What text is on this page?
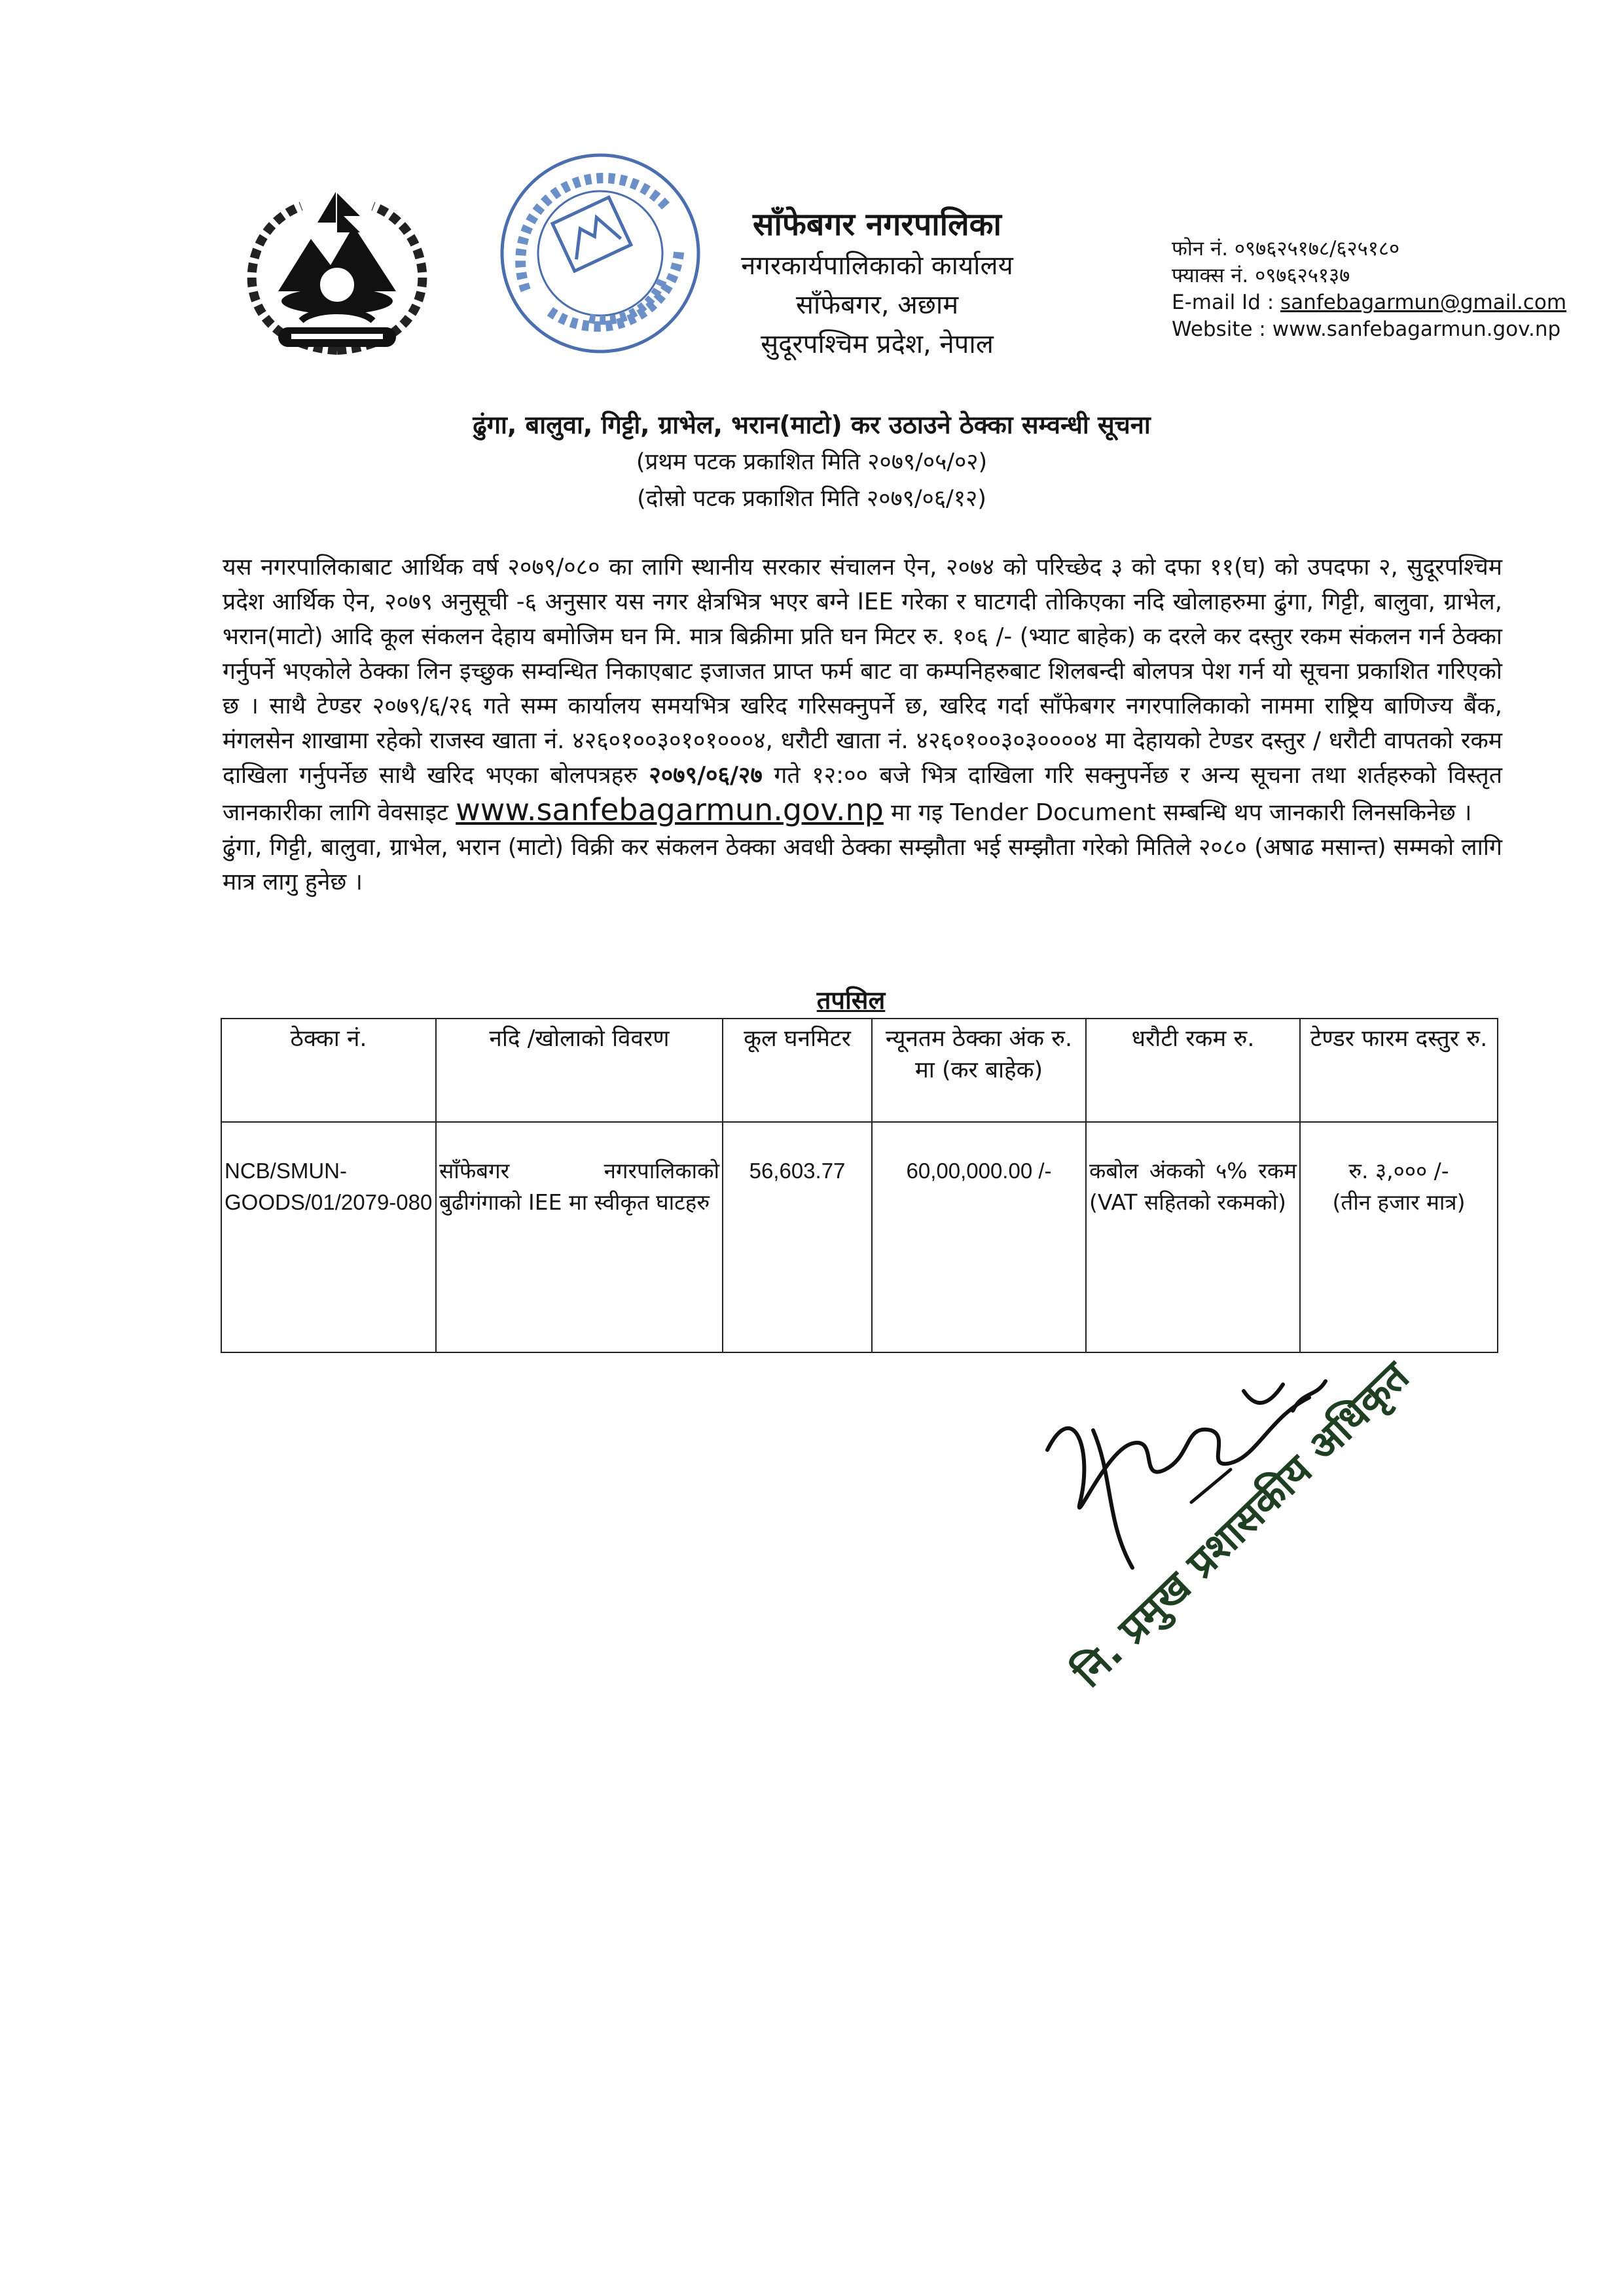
साँफेबगर नगरपालिका
नगरकार्यपालिकाको कार्यालय
साँफेबगर, अछाम
सुदूरपश्चिम प्रदेश, नेपाल
फोन नं. ०९७६२५१७८/६२५१८०
फ्याक्स नं. ०९७६२५१३७
E-mail Id : sanfebagarmun@gmail.com
Website : www.sanfebagarmun.gov.np
ढुंगा, बालुवा, गिट्टी, ग्राभेल, भरान(माटो) कर उठाउने ठेक्का सम्वन्धी सूचना
(प्रथम पटक प्रकाशित मिति २०७९/०५/०२)
(दोस्रो पटक प्रकाशित मिति २०७९/०६/१२)

यस नगरपालिकाबाट आर्थिक वर्ष २०७९/०८० का लागि स्थानीय सरकार संचालन ऐन, २०७४ को परिच्छेद ३ को दफा ११(घ) को उपदफा २, सुदूरपश्चिम प्रदेश आर्थिक ऐन, २०७९ अनुसूची -६ अनुसार यस नगर क्षेत्रभित्र भएर बग्ने IEE गरेका र घाटगदी तोकिएका नदि खोलाहरुमा ढुंगा, गिट्टी, बालुवा, ग्राभेल, भरान(माटो) आदि कूल संकलन देहाय बमोजिम घन मि. मात्र बिक्रीमा प्रति घन मिटर रु. १०६ /- (भ्याट बाहेक) क दरले कर दस्तुर रकम संकलन गर्न ठेक्का गर्नुपर्ने भएकोले ठेक्का लिन इच्छुक सम्वन्धित निकाएबाट इजाजत प्राप्त फर्म बाट वा कम्पनिहरुबाट शिलबन्दी बोलपत्र पेश गर्न यो सूचना प्रकाशित गरिएको छ । साथै टेण्डर २०७९/६/२६ गते सम्म कार्यालय समयभित्र खरिद गरिसक्नुपर्ने छ, खरिद गर्दा साँफेबगर नगरपालिकाको नाममा राष्ट्रिय बाणिज्य बैंक, मंगलसेन शाखामा रहेको राजस्व खाता नं. ४२६०१००३०१०१०००४, धरौटी खाता नं. ४२६०१००३०३००००४ मा देहायको टेण्डर दस्तुर / धरौटी वापतको रकम दाखिला गर्नुपर्नेछ साथै खरिद भएका बोलपत्रहरु २०७९/०६/२७ गते १२:०० बजे भित्र दाखिला गरि सक्नुपर्नेछ र अन्य सूचना तथा शर्तहरुको विस्तृत जानकारीका लागि वेवसाइट www.sanfebagarmun.gov.np मा गइ Tender Document सम्बन्धि थप जानकारी लिनसकिनेछ ।

ढुंगा, गिट्टी, बालुवा, ग्राभेल, भरान (माटो) विक्री कर संकलन ठेक्का अवधी ठेक्का सम्झौता भई सम्झौता गरेको मितिले २०८० (अषाढ मसान्त) सम्मको लागि मात्र लागु हुनेछ ।

तपसिल
ठेक्का नं.	नदि /खोलाको विवरण	कूल घनमिटर	न्यूनतम ठेक्का अंक रु. मा (कर बाहेक)	धरौटी रकम रु.	टेण्डर फारम दस्तुर रु.
NCB/SMUN-GOODS/01/2079-080	साँफेबगर नगरपालिकाको बुढीगंगाको IEE मा स्वीकृत घाटहरु	56,603.77	60,00,000.00 /-	कबोल अंकको ५% रकम (VAT सहितको रकमको)	रु. ३,००० /-
(तीन हजार मात्र)
नि. प्रमुख प्रशासकीय अधिकृत
